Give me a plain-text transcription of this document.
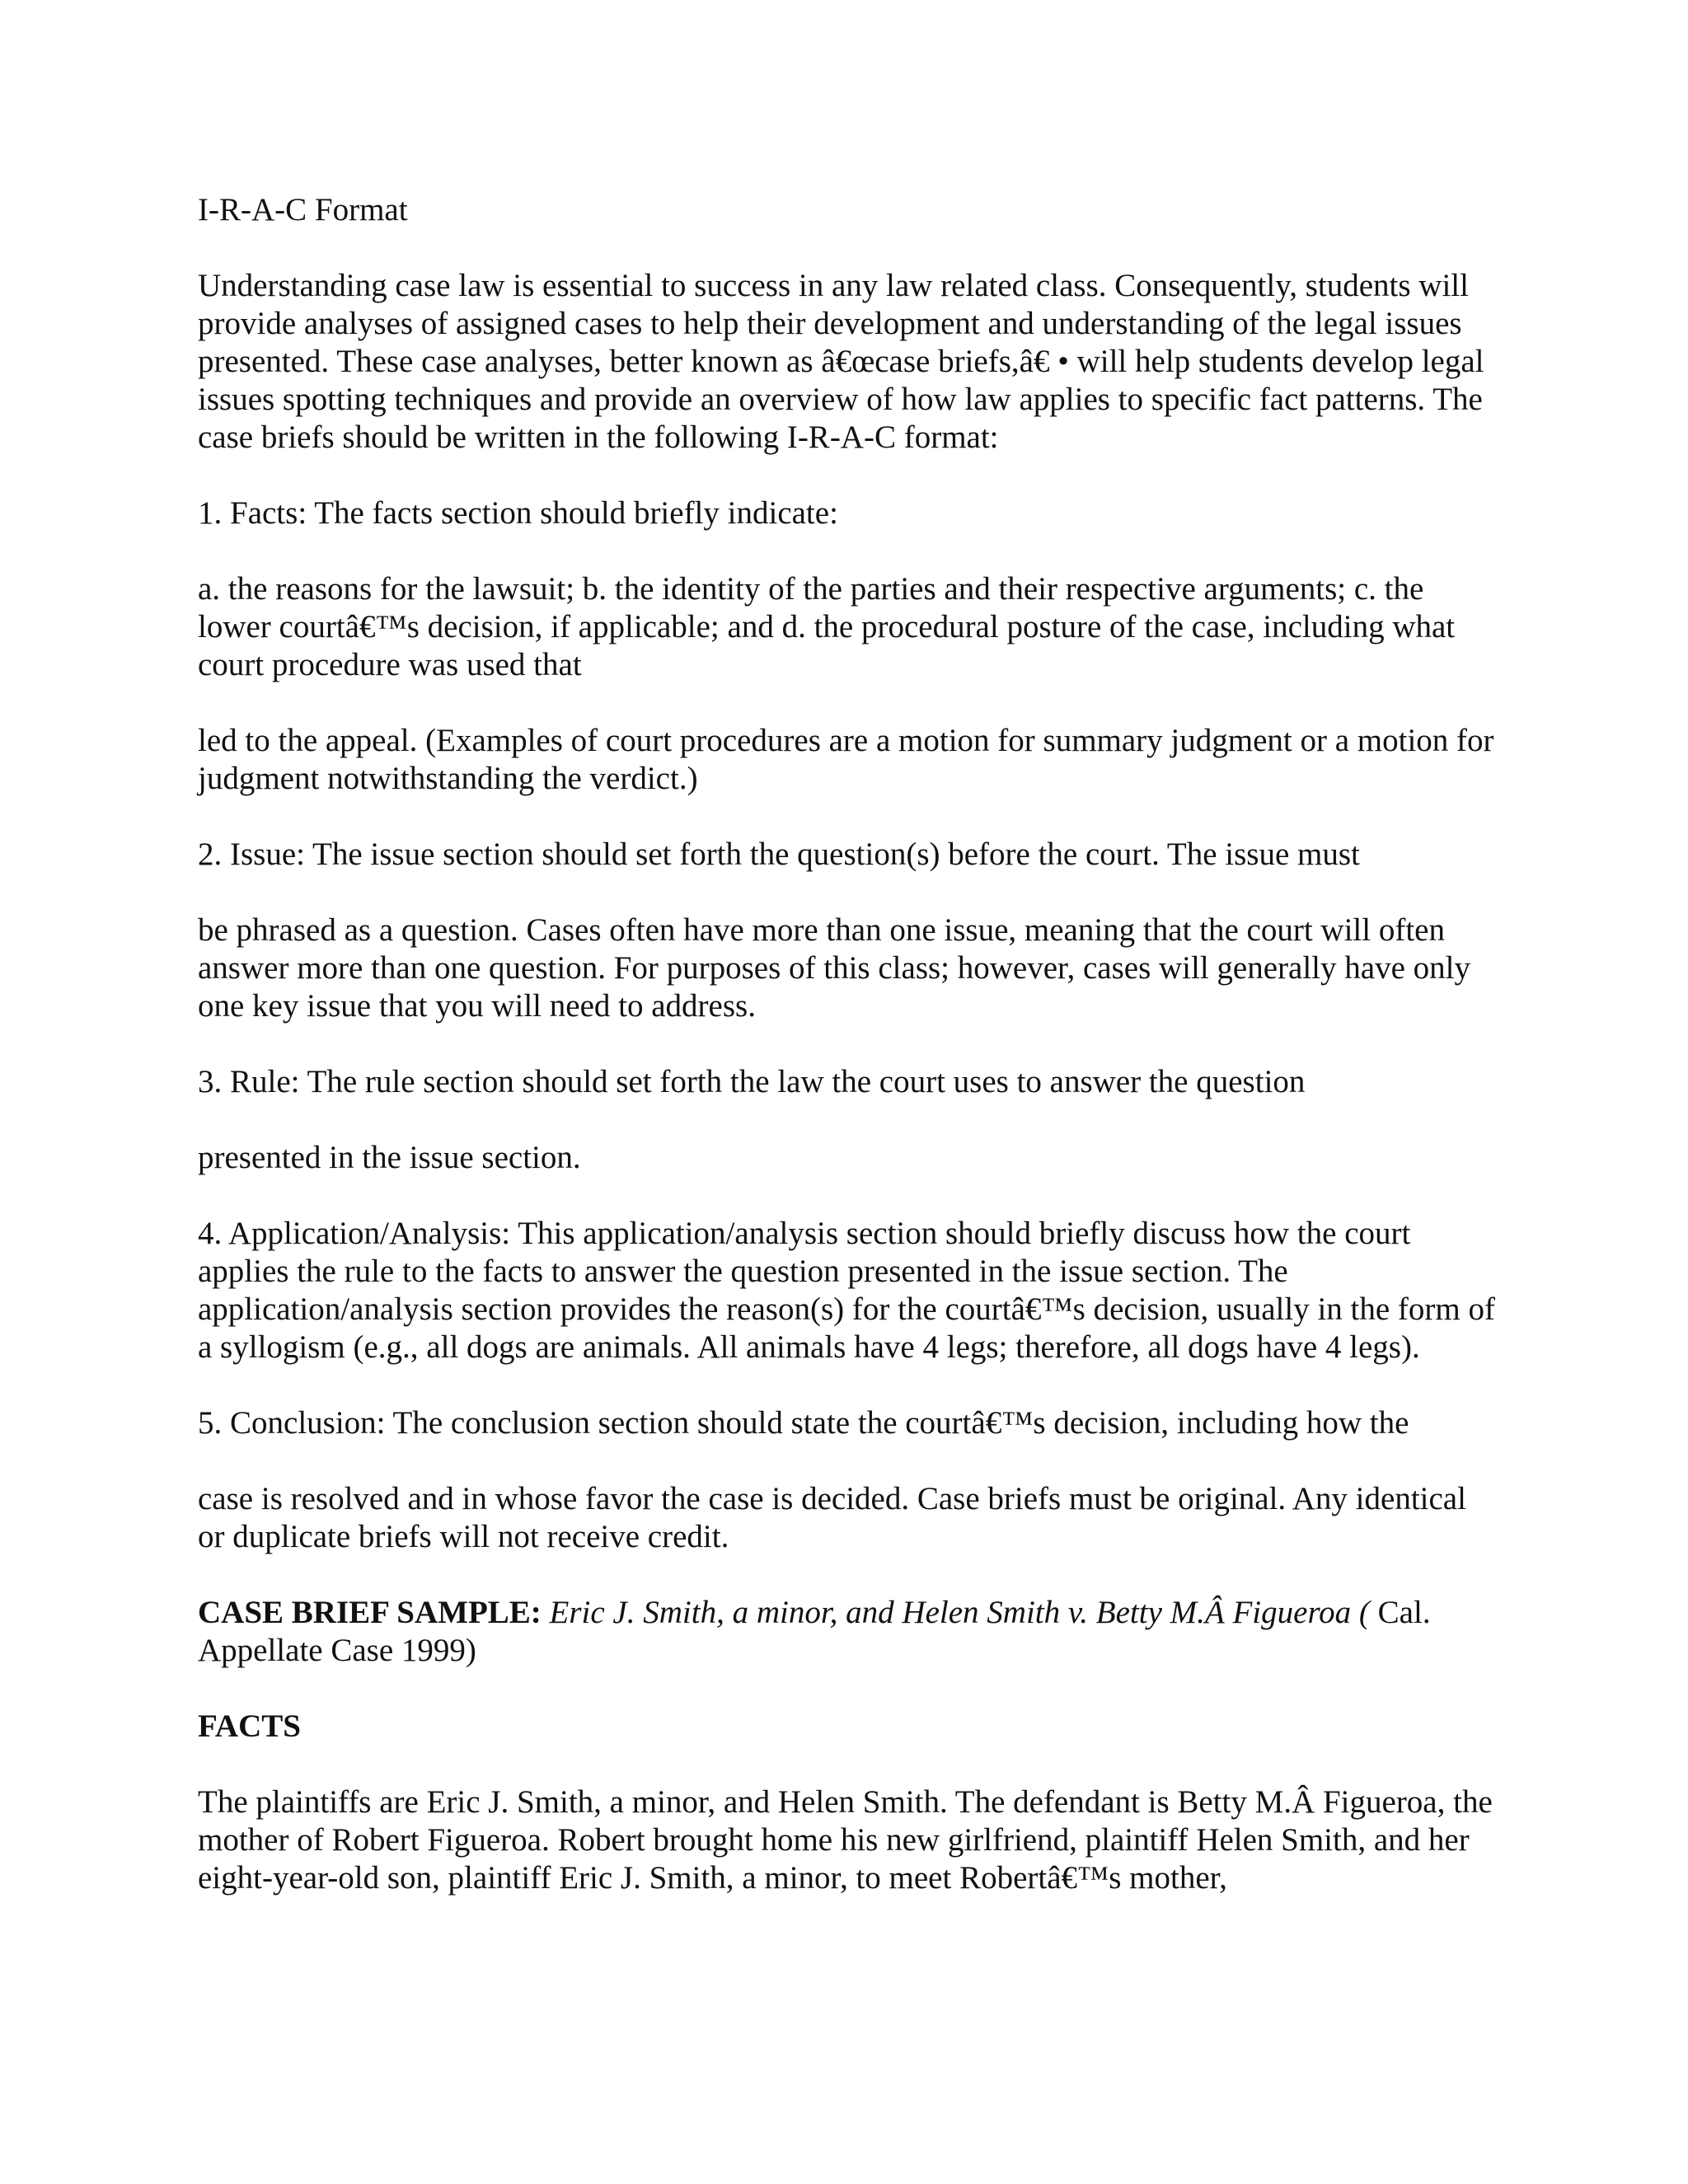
I-R-A-C Format

Understanding case law is essential to success in any law related class. Consequently, students will provide analyses of assigned cases to help their development and understanding of the legal issues presented. These case analyses, better known as â€œcase briefs,â€ • will help students develop legal issues spotting techniques and provide an overview of how law applies to specific fact patterns. The case briefs should be written in the following I-R-A-C format:

1. Facts: The facts section should briefly indicate:

a. the reasons for the lawsuit; b. the identity of the parties and their respective arguments; c. the lower courtâ€™s decision, if applicable; and d. the procedural posture of the case, including what court procedure was used that

led to the appeal. (Examples of court procedures are a motion for summary judgment or a motion for judgment notwithstanding the verdict.)

2. Issue: The issue section should set forth the question(s) before the court. The issue must

be phrased as a question. Cases often have more than one issue, meaning that the court will often answer more than one question. For purposes of this class; however, cases will generally have only one key issue that you will need to address.

3. Rule: The rule section should set forth the law the court uses to answer the question

presented in the issue section.

4. Application/Analysis: This application/analysis section should briefly discuss how the court applies the rule to the facts to answer the question presented in the issue section. The application/analysis section provides the reason(s) for the courtâ€™s decision, usually in the form of a syllogism (e.g., all dogs are animals. All animals have 4 legs; therefore, all dogs have 4 legs).

5. Conclusion: The conclusion section should state the courtâ€™s decision, including how the

case is resolved and in whose favor the case is decided. Case briefs must be original. Any identical or duplicate briefs will not receive credit.

CASE BRIEF SAMPLE: Eric J. Smith, a minor, and Helen Smith v. Betty M.Â Figueroa ( Cal. Appellate Case 1999)

FACTS

The plaintiffs are Eric J. Smith, a minor, and Helen Smith. The defendant is Betty M.Â Figueroa, the mother of Robert Figueroa. Robert brought home his new girlfriend, plaintiff Helen Smith, and her eight-year-old son, plaintiff Eric J. Smith, a minor, to meet Robertâ€™s mother,
